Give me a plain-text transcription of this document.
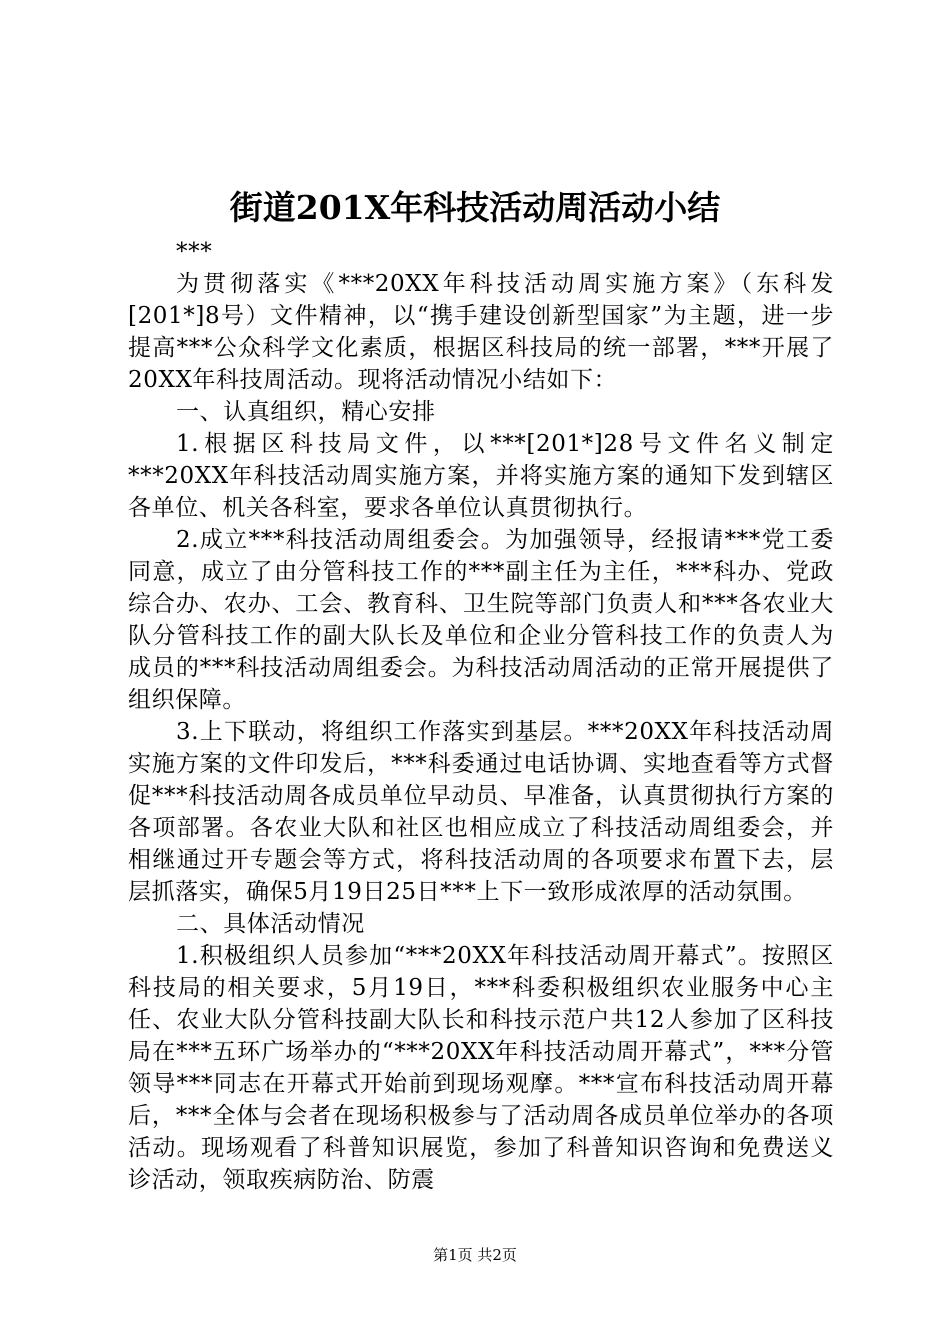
街道201X年科技活动周活动小结

***

为贯彻落实《***20XX年科技活动周实施方案》（东科发[201*]8号）文件精神，以“携手建设创新型国家”为主题，进一步提高***公众科学文化素质，根据区科技局的统一部署，***开展了20XX年科技周活动。现将活动情况小结如下：

一、认真组织，精心安排

1.根据区科技局文件，以***[201*]28号文件名义制定***20XX年科技活动周实施方案，并将实施方案的通知下发到辖区各单位、机关各科室，要求各单位认真贯彻执行。

2.成立***科技活动周组委会。为加强领导，经报请***党工委同意，成立了由分管科技工作的***副主任为主任，***科办、党政综合办、农办、工会、教育科、卫生院等部门负责人和***各农业大队分管科技工作的副大队长及单位和企业分管科技工作的负责人为成员的***科技活动周组委会。为科技活动周活动的正常开展提供了组织保障。

3.上下联动，将组织工作落实到基层。***20XX年科技活动周实施方案的文件印发后，***科委通过电话协调、实地查看等方式督促***科技活动周各成员单位早动员、早准备，认真贯彻执行方案的各项部署。各农业大队和社区也相应成立了科技活动周组委会，并相继通过开专题会等方式，将科技活动周的各项要求布置下去，层层抓落实，确保5月19日25日***上下一致形成浓厚的活动氛围。

二、具体活动情况

1.积极组织人员参加“***20XX年科技活动周开幕式”。按照区科技局的相关要求，5月19日，***科委积极组织农业服务中心主任、农业大队分管科技副大队长和科技示范户共12人参加了区科技局在***五环广场举办的“***20XX年科技活动周开幕式”，***分管领导***同志在开幕式开始前到现场观摩。***宣布科技活动周开幕后，***全体与会者在现场积极参与了活动周各成员单位举办的各项活动。现场观看了科普知识展览，参加了科普知识咨询和免费送义诊活动，领取疾病防治、防震

第1页 共2页
